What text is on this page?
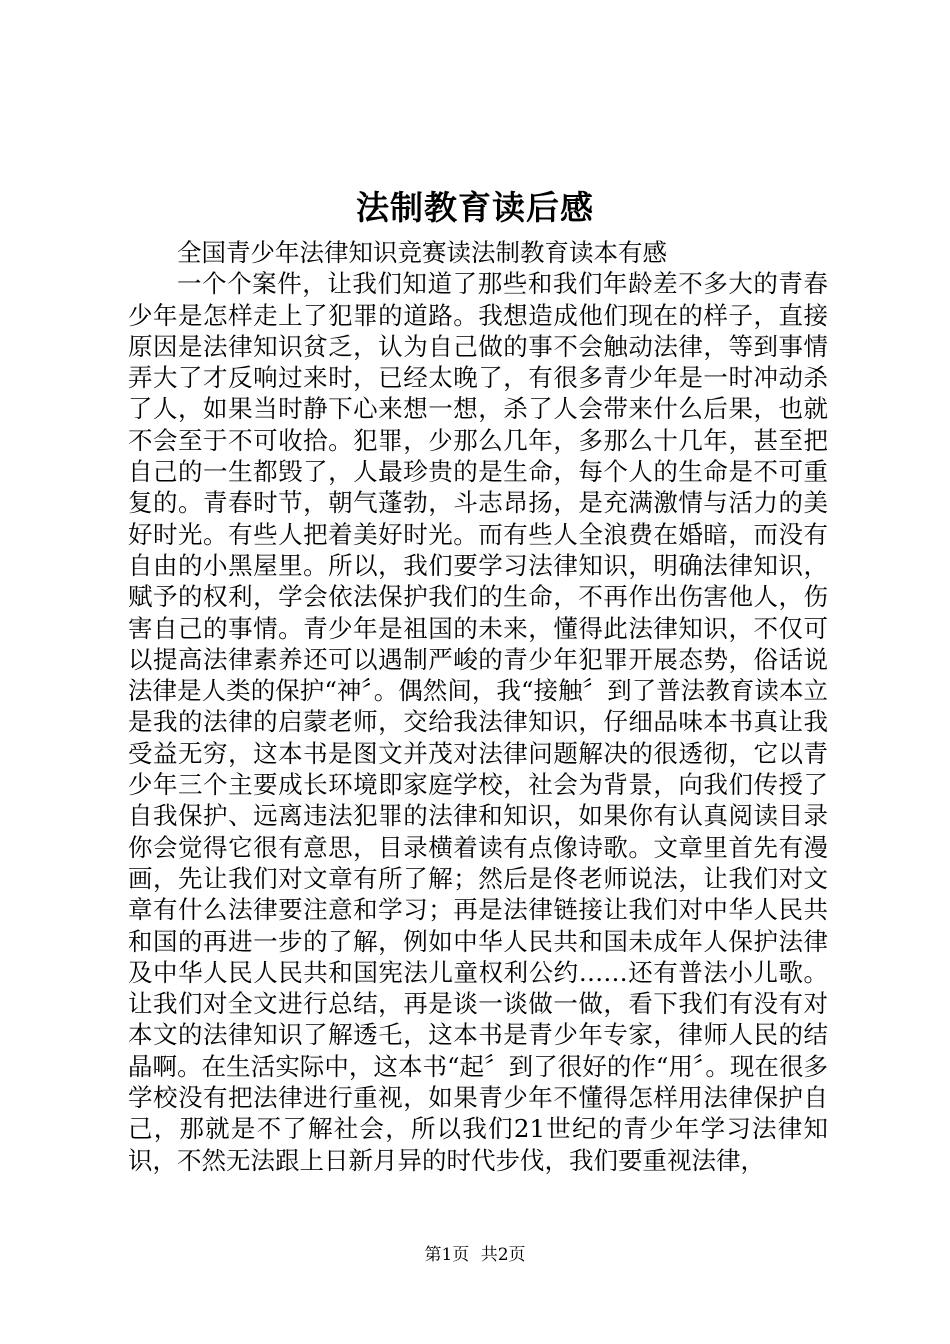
法制教育读后感

全国青少年法律知识竞赛读法制教育读本有感

一个个案件，让我们知道了那些和我们年龄差不多大的青春少年是怎样走上了犯罪的道路。我想造成他们现在的样子，直接原因是法律知识贫乏，认为自己做的事不会触动法律，等到事情弄大了才反响过来时，已经太晚了，有很多青少年是一时冲动杀了人，如果当时静下心来想一想，杀了人会带来什么后果，也就不会至于不可收拾。犯罪，少那么几年，多那么十几年，甚至把自己的一生都毁了，人最珍贵的是生命，每个人的生命是不可重复的。青春时节，朝气蓬勃，斗志昂扬，是充满激情与活力的美好时光。有些人把着美好时光。而有些人全浪费在婚暗，而没有自由的小黑屋里。所以，我们要学习法律知识，明确法律知识，赋予的权利，学会依法保护我们的生命，不再作出伤害他人，伤害自己的事情。青少年是祖国的未来，懂得此法律知识，不仅可以提高法律素养还可以遇制严峻的青少年犯罪开展态势，俗话说法律是人类的保护“神〞。偶然间，我“接触〞到了普法教育读本立是我的法律的启蒙老师，交给我法律知识，仔细品味本书真让我受益无穷，这本书是图文并茂对法律问题解决的很透彻，它以青少年三个主要成长环境即家庭学校，社会为背景，向我们传授了自我保护、远离违法犯罪的法律和知识，如果你有认真阅读目录你会觉得它很有意思，目录横着读有点像诗歌。文章里首先有漫画，先让我们对文章有所了解；然后是佟老师说法，让我们对文章有什么法律要注意和学习；再是法律链接让我们对中华人民共和国的再进一步的了解，例如中华人民共和国未成年人保护法律及中华人民人民共和国宪法儿童权利公约……还有普法小儿歌。让我们对全文进行总结，再是谈一谈做一做，看下我们有没有对本文的法律知识了解透乇，这本书是青少年专家，律师人民的结晶啊。在生活实际中，这本书“起〞到了很好的作“用〞。现在很多学校没有把法律进行重视，如果青少年不懂得怎样用法律保护自己，那就是不了解社会，所以我们21世纪的青少年学习法律知识，不然无法跟上日新月异的时代步伐，我们要重视法律，

第1页 共2页
